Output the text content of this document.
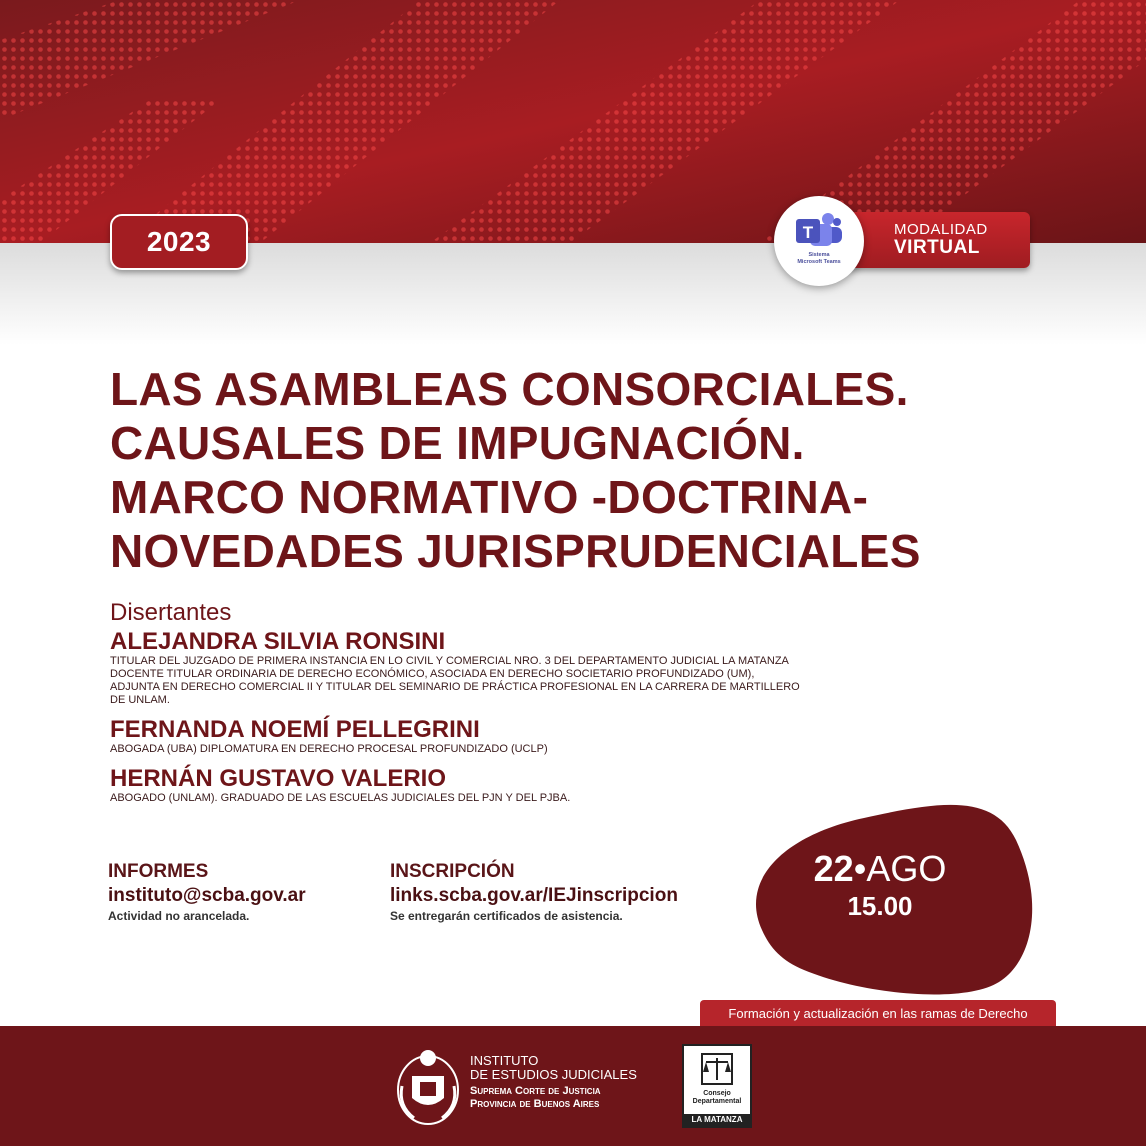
2023	MODALIDAD
VIRTUAL
T
Sistema
Microsoft Teams
LAS ASAMBLEAS CONSORCIALES.
CAUSALES DE IMPUGNACIÓN.
MARCO NORMATIVO -DOCTRINA-
NOVEDADES JURISPRUDENCIALES
Disertantes
ALEJANDRA SILVIA RONSINI
TITULAR DEL JUZGADO DE PRIMERA INSTANCIA EN LO CIVIL Y COMERCIAL NRO. 3 DEL DEPARTAMENTO JUDICIAL LA MATANZA
DOCENTE TITULAR ORDINARIA DE DERECHO ECONÓMICO, ASOCIADA EN DERECHO SOCIETARIO PROFUNDIZADO (UM),
ADJUNTA EN DERECHO COMERCIAL II Y TITULAR DEL SEMINARIO DE PRÁCTICA PROFESIONAL EN LA CARRERA DE MARTILLERO
DE UNLAM.
FERNANDA NOEMÍ PELLEGRINI
ABOGADA (UBA) DIPLOMATURA EN DERECHO PROCESAL PROFUNDIZADO (UCLP)
HERNÁN GUSTAVO VALERIO
ABOGADO (UNLAM). GRADUADO DE LAS ESCUELAS JUDICIALES DEL PJN Y DEL PJBA.
INFORMES
instituto@scba.gov.ar
Actividad no arancelada.
INSCRIPCIÓN
links.scba.gov.ar/IEJinscripcion
Se entregarán certificados de asistencia.
22•AGO
15.00
Formación y actualización en las ramas de Derecho
INSTITUTO
DE ESTUDIOS JUDICIALES
Suprema Corte de Justicia
Provincia de Buenos Aires
Consejo
Departamental
LA MATANZA
